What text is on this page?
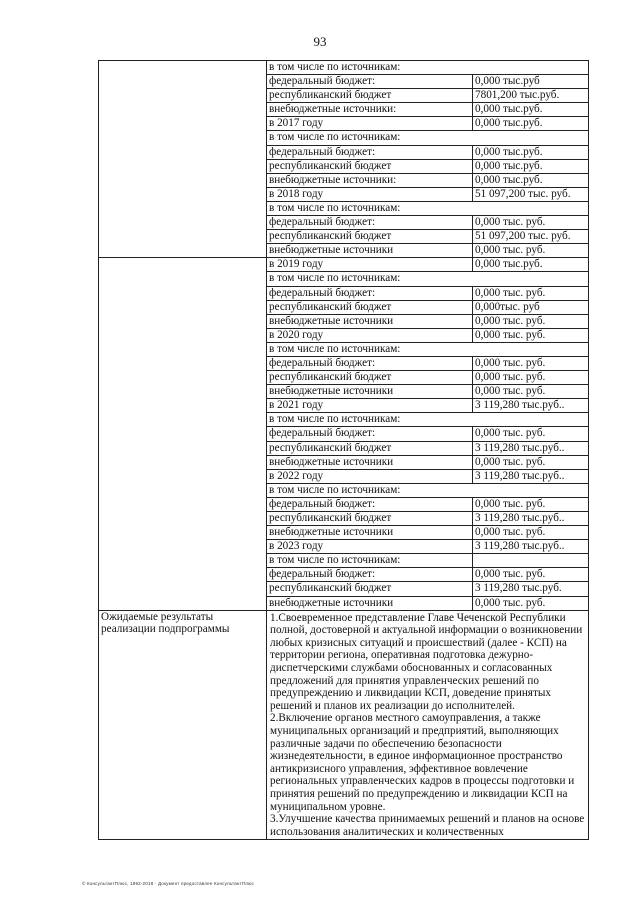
93
	в том числе по источникам:	
	федеральный бюджет:	0,000 тыс.руб
	республиканский бюджет	7801,200 тыс.руб.
	внебюджетные источники:	0,000 тыс.руб.
	в 2017 году	0,000 тыс.руб.
	в том числе по источникам:	
	федеральный бюджет:	0,000 тыс.руб.
	республиканский бюджет	0,000 тыс.руб.
	внебюджетные источники:	0,000 тыс.руб.
	в 2018 году	51 097,200 тыс. руб.
	в том числе по источникам:	
	федеральный бюджет:	0,000 тыс. руб.
	республиканский бюджет	51 097,200 тыс. руб.
	внебюджетные источники	0,000 тыс. руб.
	в 2019 году	0,000 тыс.руб.
	в том числе по источникам:	
	федеральный бюджет:	0,000 тыс. руб.
	республиканский бюджет	0,000тыс. руб
	внебюджетные источники	0,000 тыс. руб.
	в 2020 году	0,000 тыс. руб.
	в том числе по источникам:	
	федеральный бюджет:	0,000 тыс. руб.
	республиканский бюджет	0,000 тыс. руб.
	внебюджетные источники	0,000 тыс. руб.
	в 2021 году	3 119,280 тыс.руб..
	в том числе по источникам:	
	федеральный бюджет:	0,000 тыс. руб.
	республиканский бюджет	3 119,280 тыс.руб..
	внебюджетные источники	0,000 тыс. руб.
	в 2022 году	3 119,280 тыс.руб..
	в том числе по источникам:	
	федеральный бюджет:	0,000 тыс. руб.
	республиканский бюджет	3 119,280 тыс.руб..
	внебюджетные источники	0,000 тыс. руб.
	в 2023 году	3 119,280 тыс.руб..
	в том числе по источникам:	
	федеральный бюджет:	0,000 тыс. руб.
	республиканский бюджет	3 119,280 тыс.руб.
	внебюджетные источники	0,000 тыс. руб.
Ожидаемые результаты реализации подпрограммы	1.Своевременное представление Главе Чеченской Республики полной, достоверной и актуальной информации о возникновении любых кризисных ситуаций и происшествий (далее - КСП) на территории региона, оперативная подготовка дежурно-диспетчерскими службами обоснованных и согласованных предложений для принятия управленческих решений по предупреждению и ликвидации КСП, доведение принятых решений и планов их реализации до исполнителей.
2.Включение органов местного самоуправления, а также муниципальных организаций и предприятий, выполняющих различные задачи по обеспечению безопасности жизнедеятельности, в единое информационное пространство антикризисного управления, эффективное вовлечение региональных управленческих кадров в процессы подготовки и принятия решений по предупреждению и ликвидации КСП на муниципальном уровне.
3.Улучшение качества принимаемых решений и планов на основе использования аналитических и количественных	
© КонсультантПлюс, 1992-2018 · Документ предоставлен КонсультантПлюс
